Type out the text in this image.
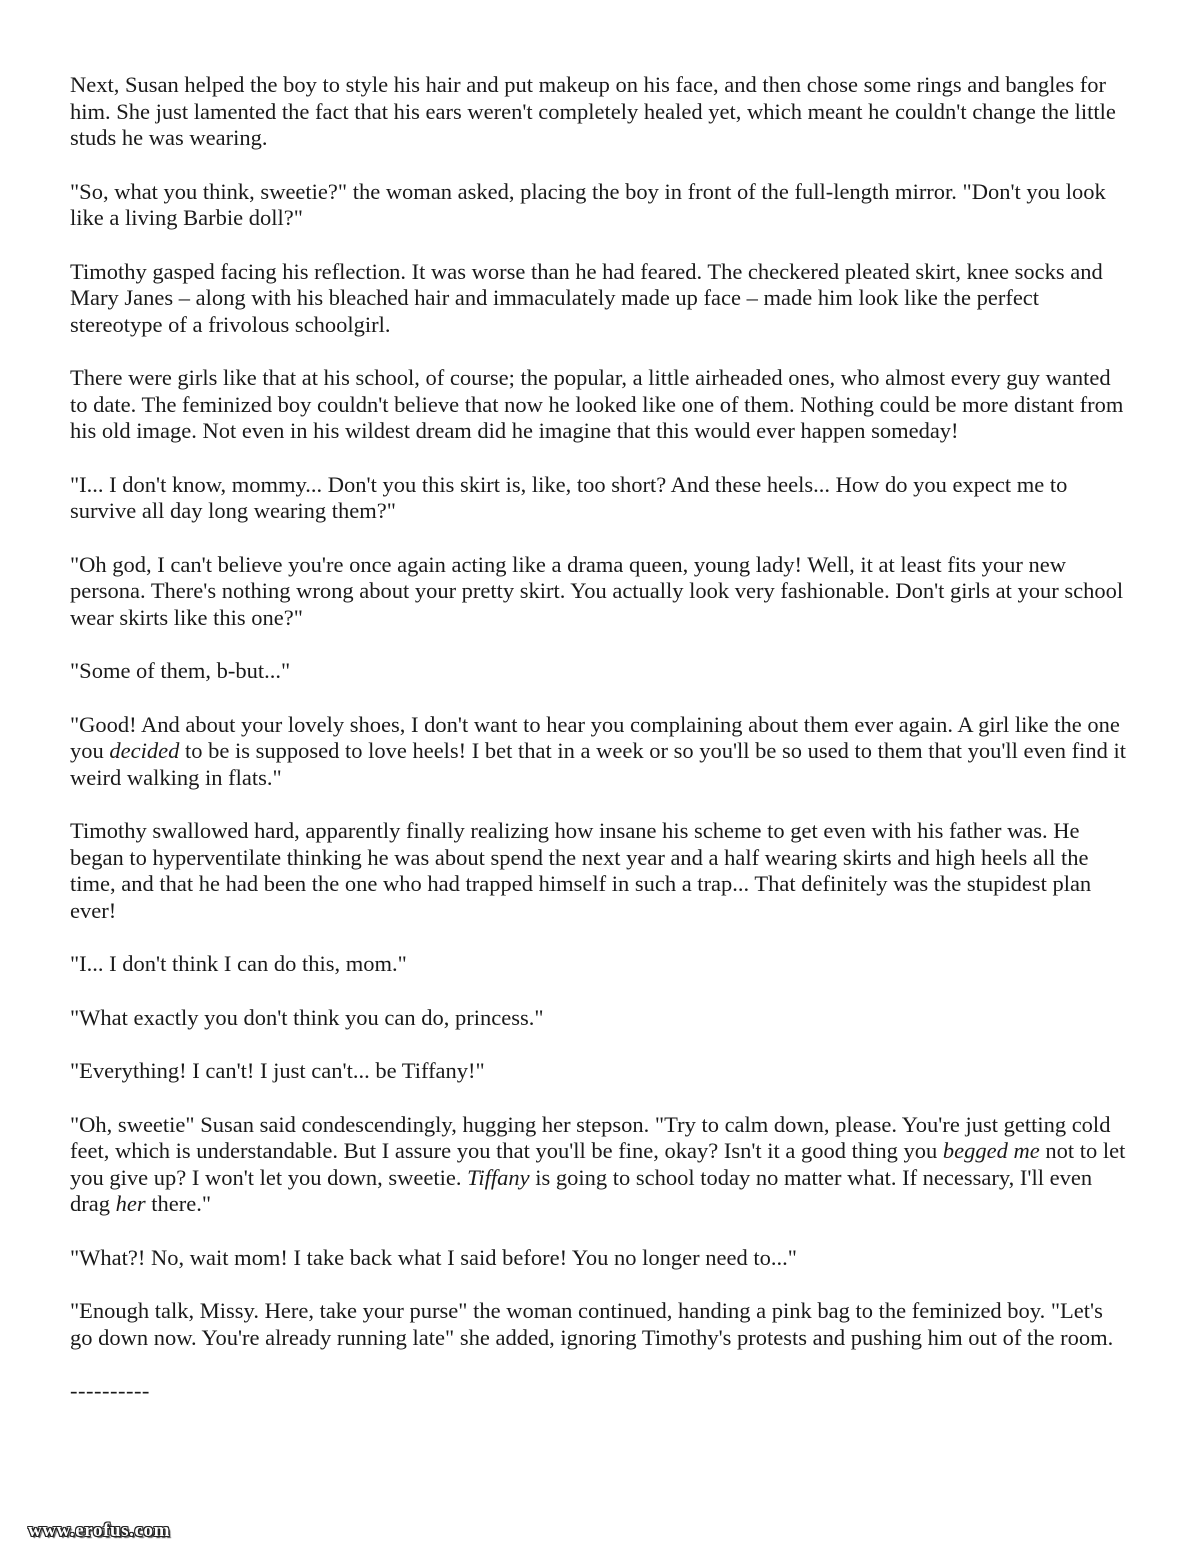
Next, Susan helped the boy to style his hair and put makeup on his face, and then chose some rings and bangles for him. She just lamented the fact that his ears weren't completely healed yet, which meant he couldn't change the little studs he was wearing.

"So, what you think, sweetie?" the woman asked, placing the boy in front of the full-length mirror. "Don't you look like a living Barbie doll?"

Timothy gasped facing his reflection. It was worse than he had feared. The checkered pleated skirt, knee socks and Mary Janes – along with his bleached hair and immaculately made up face – made him look like the perfect stereotype of a frivolous schoolgirl.

There were girls like that at his school, of course; the popular, a little airheaded ones, who almost every guy wanted to date. The feminized boy couldn't believe that now he looked like one of them. Nothing could be more distant from his old image. Not even in his wildest dream did he imagine that this would ever happen someday!

"I... I don't know, mommy... Don't you this skirt is, like, too short? And these heels... How do you expect me to survive all day long wearing them?"

"Oh god, I can't believe you're once again acting like a drama queen, young lady! Well, it at least fits your new persona. There's nothing wrong about your pretty skirt. You actually look very fashionable. Don't girls at your school wear skirts like this one?"

"Some of them, b-but..."

"Good! And about your lovely shoes, I don't want to hear you complaining about them ever again. A girl like the one you decided to be is supposed to love heels! I bet that in a week or so you'll be so used to them that you'll even find it weird walking in flats."

Timothy swallowed hard, apparently finally realizing how insane his scheme to get even with his father was. He began to hyperventilate thinking he was about spend the next year and a half wearing skirts and high heels all the time, and that he had been the one who had trapped himself in such a trap... That definitely was the stupidest plan ever!

"I... I don't think I can do this, mom."

"What exactly you don't think you can do, princess."

"Everything! I can't! I just can't... be Tiffany!"

"Oh, sweetie" Susan said condescendingly, hugging her stepson. "Try to calm down, please. You're just getting cold feet, which is understandable. But I assure you that you'll be fine, okay? Isn't it a good thing you begged me not to let you give up? I won't let you down, sweetie. Tiffany is going to school today no matter what. If necessary, I'll even drag her there."

"What?! No, wait mom! I take back what I said before! You no longer need to..."

"Enough talk, Missy. Here, take your purse" the woman continued, handing a pink bag to the feminized boy. "Let's go down now. You're already running late" she added, ignoring Timothy's protests and pushing him out of the room.

----------

www.erofus.com
